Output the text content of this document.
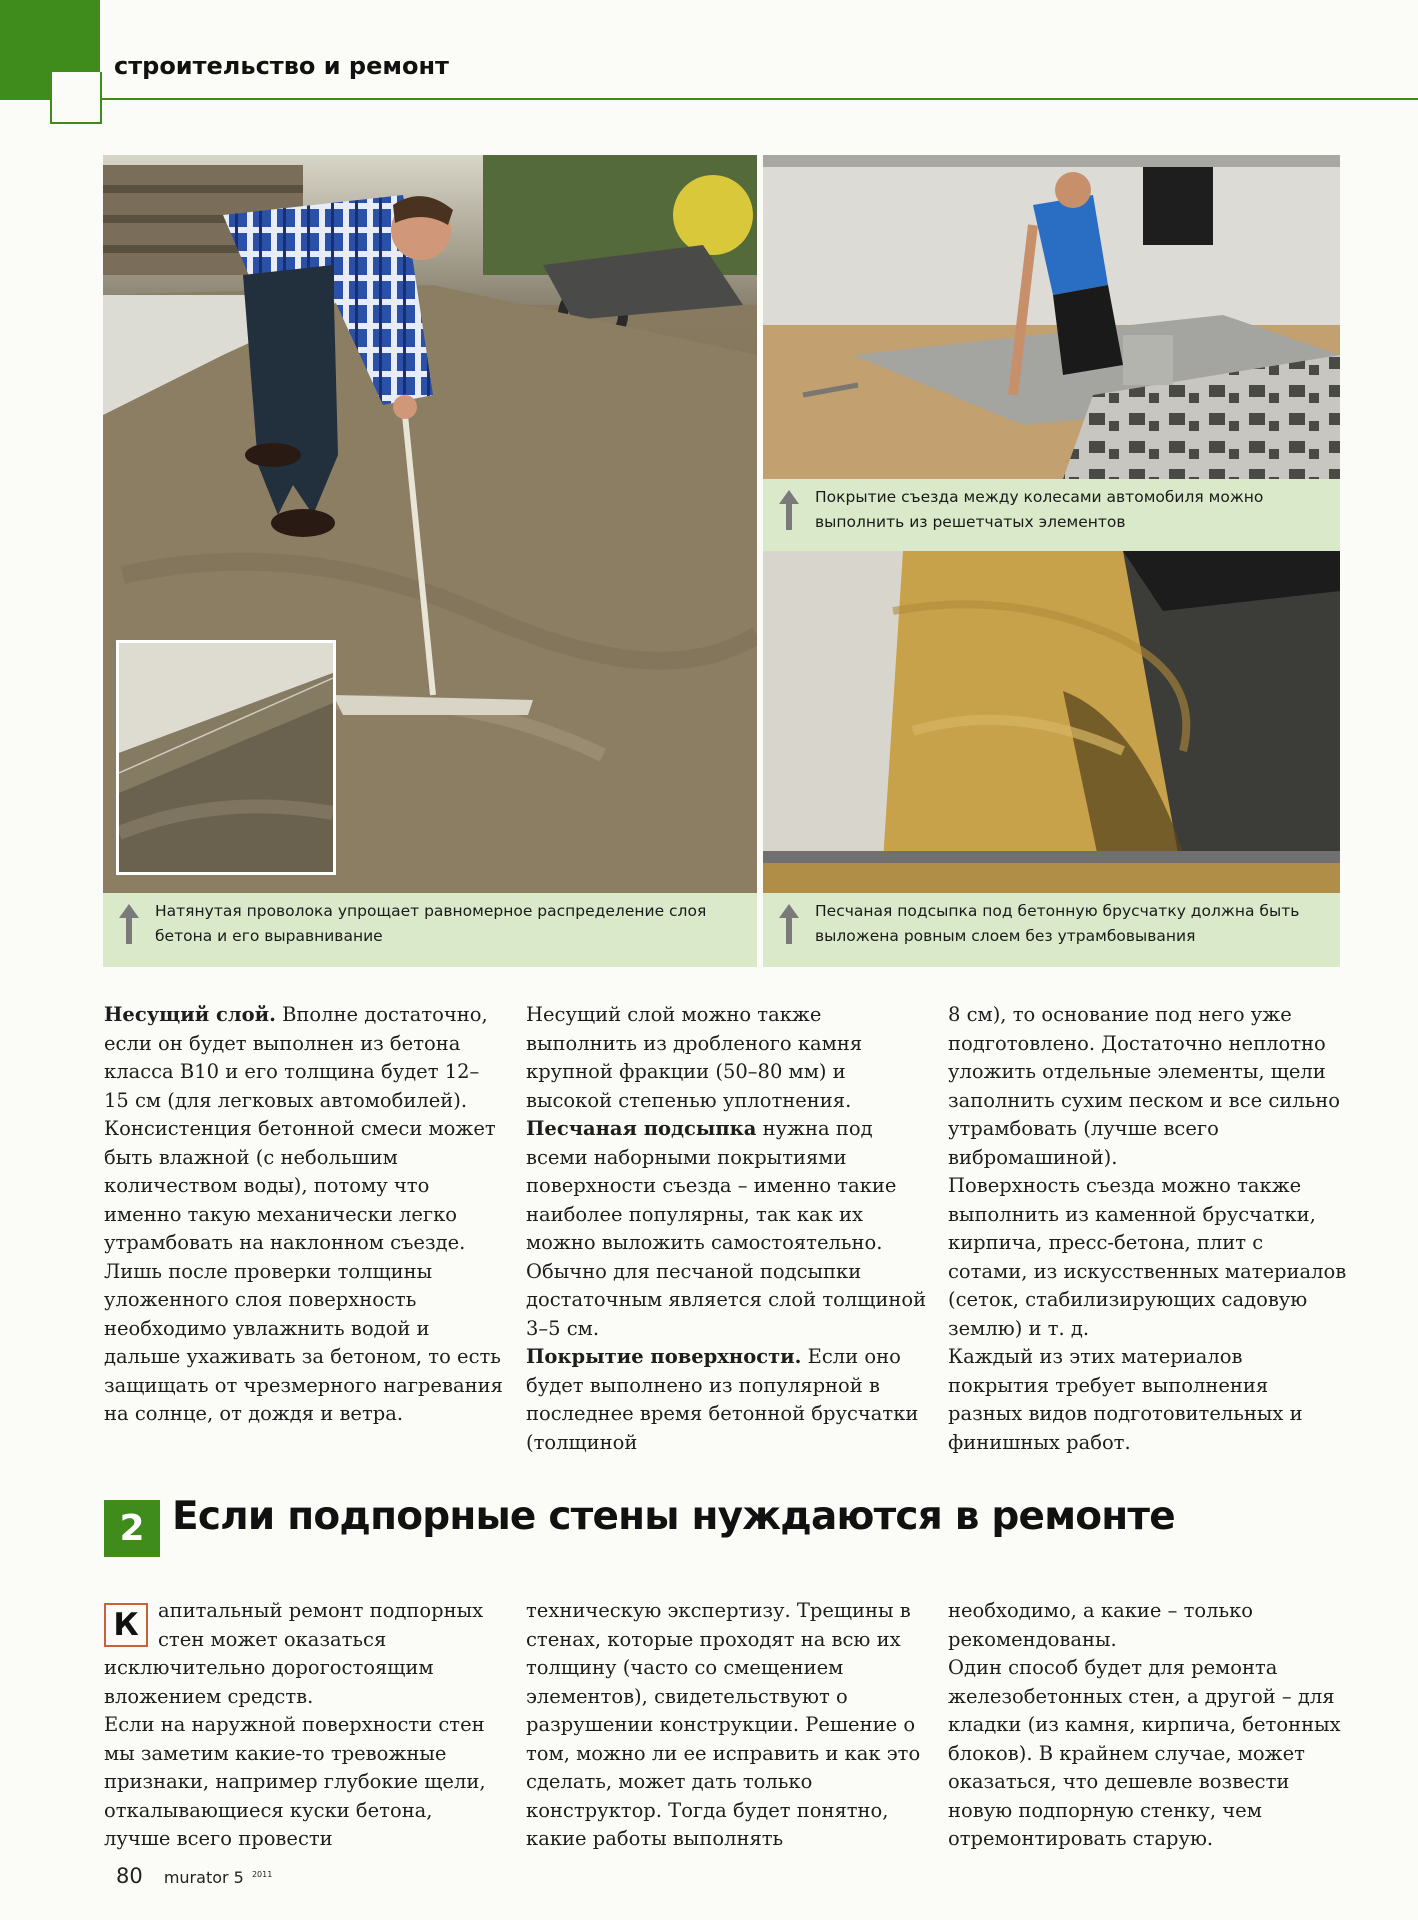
строительство и ремонт
Покрытие съезда между колесами автомобиля можно выполнить из решетчатых элементов
Натянутая проволока упрощает равномерное распределение слоя бетона и его выравнивание
Песчаная подсыпка под бетонную брусчатку должна быть выложена ровным слоем без утрамбовывания

Несущий слой. Вполне достаточно, если он будет выполнен из бетона класса B10 и его толщина будет 12–15 см (для легковых автомобилей).

Консистенция бетонной смеси может быть влажной (с небольшим количеством воды), потому что именно такую механически легко утрамбовать на наклонном съезде. Лишь после проверки толщины уложенного слоя поверхность необходимо увлажнить водой и дальше ухаживать за бетоном, то есть защищать от чрезмерного нагревания на солнце, от дождя и ветра.

Несущий слой можно также выполнить из дробленого камня крупной фракции (50–80 мм) и высокой степенью уплотнения.

Песчаная подсыпка нужна под всеми наборными покрытиями поверхности съезда – именно такие наиболее популярны, так как их можно выложить самостоятельно. Обычно для песчаной подсыпки достаточным является слой толщиной 3–5 см.

Покрытие поверхности. Если оно будет выполнено из популярной в последнее время бетонной брусчатки (толщиной

8 см), то основание под него уже подготовлено. Достаточно неплотно уложить отдельные элементы, щели заполнить сухим песком и все сильно утрамбовать (лучше всего вибромашиной).

Поверхность съезда можно также выполнить из каменной брусчатки, кирпича, пресс-бетона, плит с сотами, из искусственных материалов (сеток, стабилизирующих садовую землю) и т. д.

Каждый из этих материалов покрытия требует выполнения разных видов подготовительных и финишных работ.

2 Если подпорные стены нуждаются в ремонте

К апитальный ремонт подпорных стен может оказаться исключительно дорогостоящим вложением средств.

Если на наружной поверхности стен мы заметим какие-то тревожные признаки, например глубокие щели, откалывающиеся куски бетона, лучше всего провести

техническую экспертизу. Трещины в стенах, которые проходят на всю их толщину (часто со смещением элементов), свидетельствуют о разрушении конструкции. Решение о том, можно ли ее исправить и как это сделать, может дать только конструктор. Тогда будет понятно, какие работы выполнять

необходимо, а какие – только рекомендованы.

Один способ будет для ремонта железобетонных стен, а другой – для кладки (из камня, кирпича, бетонных блоков). В крайнем случае, может оказаться, что дешевле возвести новую подпорную стенку, чем отремонтировать старую.

80 murator 5 $^{2011}$
